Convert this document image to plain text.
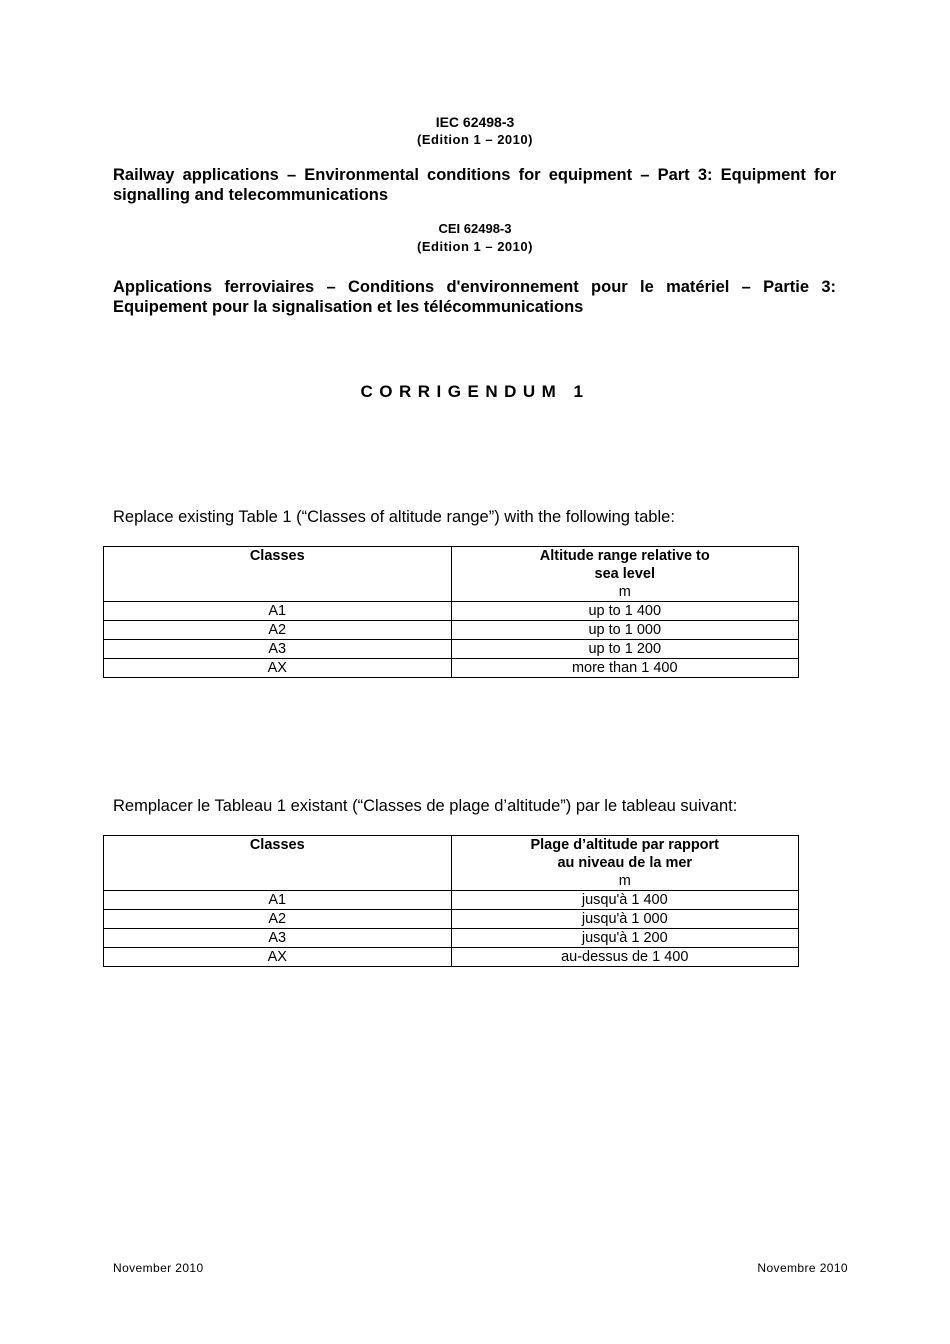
IEC 62498-3
(Edition 1 – 2010)
Railway applications – Environmental conditions for equipment – Part 3: Equipment for signalling and telecommunications
CEI 62498-3
(Edition 1 – 2010)
Applications ferroviaires – Conditions d'environnement pour le matériel – Partie 3: Equipement pour la signalisation et les télécommunications
CORRIGENDUM 1
Replace existing Table 1 (“Classes of altitude range”) with the following table:
Classes	Altitude range relative to
sea level
m

A1	up to 1 400
A2	up to 1 000
A3	up to 1 200
AX	more than 1 400
Remplacer le Tableau 1 existant (“Classes de plage d’altitude”) par le tableau suivant:
Classes	Plage d’altitude par rapport
au niveau de la mer
m

A1	jusqu'à 1 400
A2	jusqu'à 1 000
A3	jusqu'à 1 200
AX	au-dessus de 1 400
November 2010	Novembre 2010
